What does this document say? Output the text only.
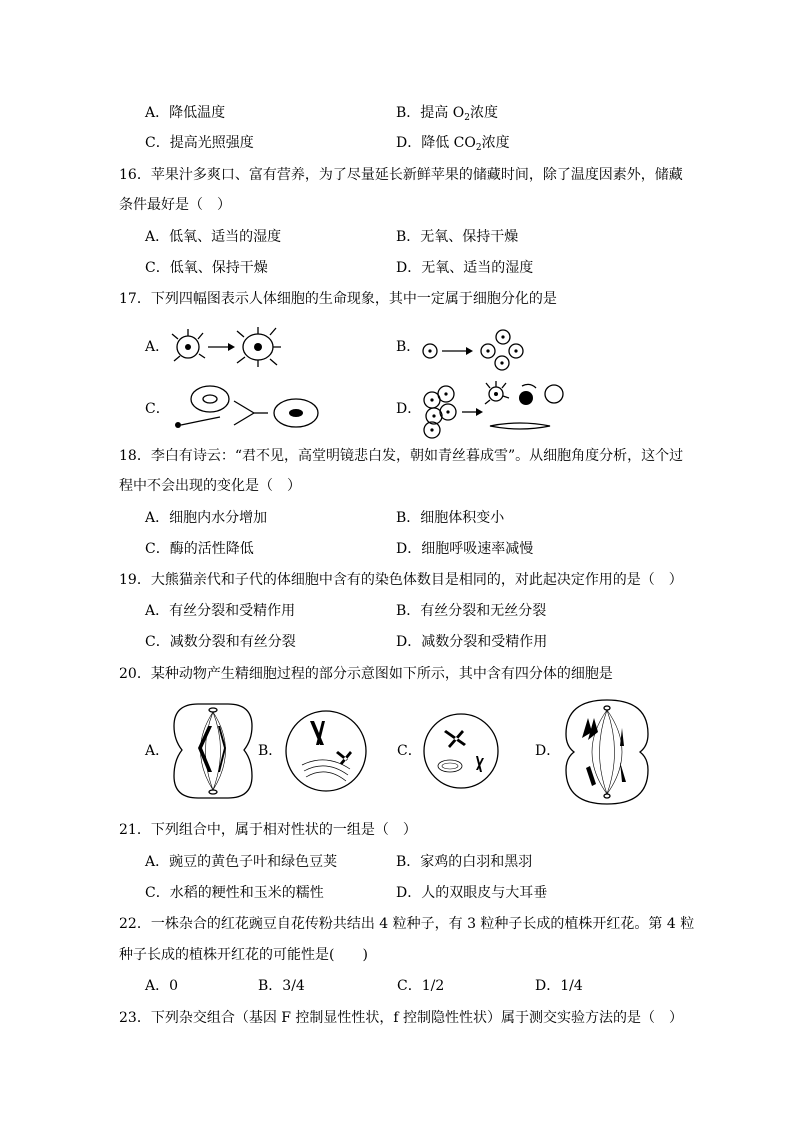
A．降低温度	B．提高 $O_2$浓度
C．提高光照强度	D．降低 $CO_2$浓度
16．苹果汁多爽口、富有营养，为了尽量延长新鲜苹果的储藏时间，除了温度因素外，储藏
条件最好是（　）
A．低氧、适当的湿度	B．无氧、保持干燥
C．低氧、保持干燥	D．无氧、适当的湿度
17．下列四幅图表示人体细胞的生命现象，其中一定属于细胞分化的是
A．	B．
C．	D．
18．李白有诗云：“君不见，高堂明镜悲白发，朝如青丝暮成雪”。从细胞角度分析，这个过
程中不会出现的变化是（　）
A．细胞内水分增加	B．细胞体积变小
C．酶的活性降低	D．细胞呼吸速率减慢
19．大熊猫亲代和子代的体细胞中含有的染色体数目是相同的，对此起决定作用的是（　）
A．有丝分裂和受精作用	B．有丝分裂和无丝分裂
C．减数分裂和有丝分裂	D．减数分裂和受精作用
20．某种动物产生精细胞过程的部分示意图如下所示，其中含有四分体的细胞是
A．	B．	C．	D．
21．下列组合中，属于相对性状的一组是（　）
A．豌豆的黄色子叶和绿色豆荚	B．家鸡的白羽和黑羽
C．水稻的粳性和玉米的糯性	D．人的双眼皮与大耳垂
22．一株杂合的红花豌豆自花传粉共结出 4 粒种子，有 3 粒种子长成的植株开红花。第 4 粒
种子长成的植株开红花的可能性是(　　)
A．0	B．3/4	C．1/2	D．1/4
23．下列杂交组合（基因 F 控制显性性状，f 控制隐性性状）属于测交实验方法的是（　）
